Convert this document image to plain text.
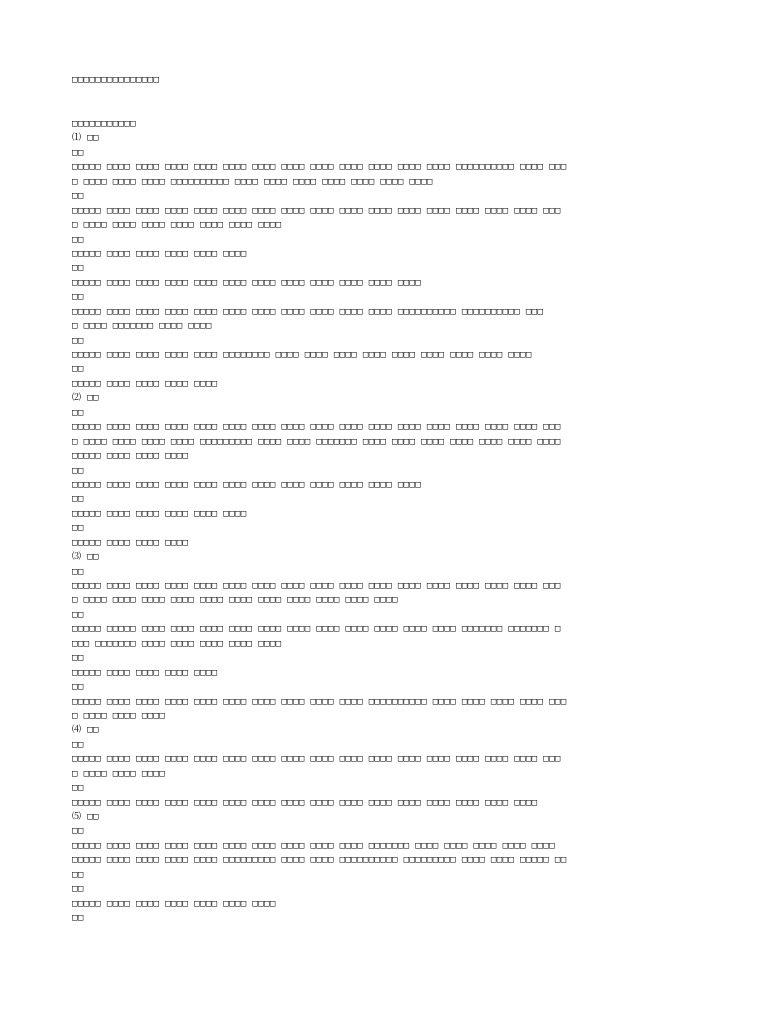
□□□□□□□□□□□□□□□
□□□□□□□□□□□
⑴ □□
□□
□□□□□ □□□□ □□□□ □□□□ □□□□ □□□□ □□□□ □□□□ □□□□ □□□□ □□□□ □□□□ □□□□ □□□□□□□□□□ □□□□ □□□
□ □□□□ □□□□ □□□□ □□□□□□□□□□ □□□□ □□□□ □□□□ □□□□ □□□□ □□□□ □□□□
□□
□□□□□ □□□□ □□□□ □□□□ □□□□ □□□□ □□□□ □□□□ □□□□ □□□□ □□□□ □□□□ □□□□ □□□□ □□□□ □□□□ □□□
□ □□□□ □□□□ □□□□ □□□□ □□□□ □□□□ □□□□
□□
□□□□□ □□□□ □□□□ □□□□ □□□□ □□□□
□□
□□□□□ □□□□ □□□□ □□□□ □□□□ □□□□ □□□□ □□□□ □□□□ □□□□ □□□□ □□□□
□□
□□□□□ □□□□ □□□□ □□□□ □□□□ □□□□ □□□□ □□□□ □□□□ □□□□ □□□□ □□□□□□□□□□ □□□□□□□□□□ □□□
□ □□□□ □□□□□□□ □□□□ □□□□
□□
□□□□□ □□□□ □□□□ □□□□ □□□□ □□□□□□□□ □□□□ □□□□ □□□□ □□□□ □□□□ □□□□ □□□□ □□□□ □□□□
□□
□□□□□ □□□□ □□□□ □□□□ □□□□
⑵ □□
□□
□□□□□ □□□□ □□□□ □□□□ □□□□ □□□□ □□□□ □□□□ □□□□ □□□□ □□□□ □□□□ □□□□ □□□□ □□□□ □□□□ □□□
□ □□□□ □□□□ □□□□ □□□□ □□□□□□□□□ □□□□ □□□□ □□□□□□□ □□□□ □□□□ □□□□ □□□□ □□□□ □□□□ □□□□
□□□□□ □□□□ □□□□ □□□□
□□
□□□□□ □□□□ □□□□ □□□□ □□□□ □□□□ □□□□ □□□□ □□□□ □□□□ □□□□ □□□□
□□
□□□□□ □□□□ □□□□ □□□□ □□□□ □□□□
□□
□□□□□ □□□□ □□□□ □□□□
⑶ □□
□□
□□□□□ □□□□ □□□□ □□□□ □□□□ □□□□ □□□□ □□□□ □□□□ □□□□ □□□□ □□□□ □□□□ □□□□ □□□□ □□□□ □□□
□ □□□□ □□□□ □□□□ □□□□ □□□□ □□□□ □□□□ □□□□ □□□□ □□□□ □□□□
□□
□□□□□ □□□□□ □□□□ □□□□ □□□□ □□□□ □□□□ □□□□ □□□□ □□□□ □□□□ □□□□ □□□□ □□□□□□□ □□□□□□□ □
□□□ □□□□□□□ □□□□ □□□□ □□□□ □□□□ □□□□
□□
□□□□□ □□□□ □□□□ □□□□ □□□□
□□
□□□□□ □□□□ □□□□ □□□□ □□□□ □□□□ □□□□ □□□□ □□□□ □□□□ □□□□□□□□□□ □□□□ □□□□ □□□□ □□□□ □□□
□ □□□□ □□□□ □□□□
⑷ □□
□□
□□□□□ □□□□ □□□□ □□□□ □□□□ □□□□ □□□□ □□□□ □□□□ □□□□ □□□□ □□□□ □□□□ □□□□ □□□□ □□□□ □□□
□ □□□□ □□□□ □□□□
□□
□□□□□ □□□□ □□□□ □□□□ □□□□ □□□□ □□□□ □□□□ □□□□ □□□□ □□□□ □□□□ □□□□ □□□□ □□□□ □□□□
⑸ □□
□□
□□□□□ □□□□ □□□□ □□□□ □□□□ □□□□ □□□□ □□□□ □□□□ □□□□ □□□□□□□ □□□□ □□□□ □□□□ □□□□ □□□□
□□□□□ □□□□ □□□□ □□□□ □□□□ □□□□□□□□□ □□□□ □□□□ □□□□□□□□□□ □□□□□□□□□ □□□□ □□□□ □□□□□ □□
□□
□□
□□□□□ □□□□ □□□□ □□□□ □□□□ □□□□ □□□□
□□
